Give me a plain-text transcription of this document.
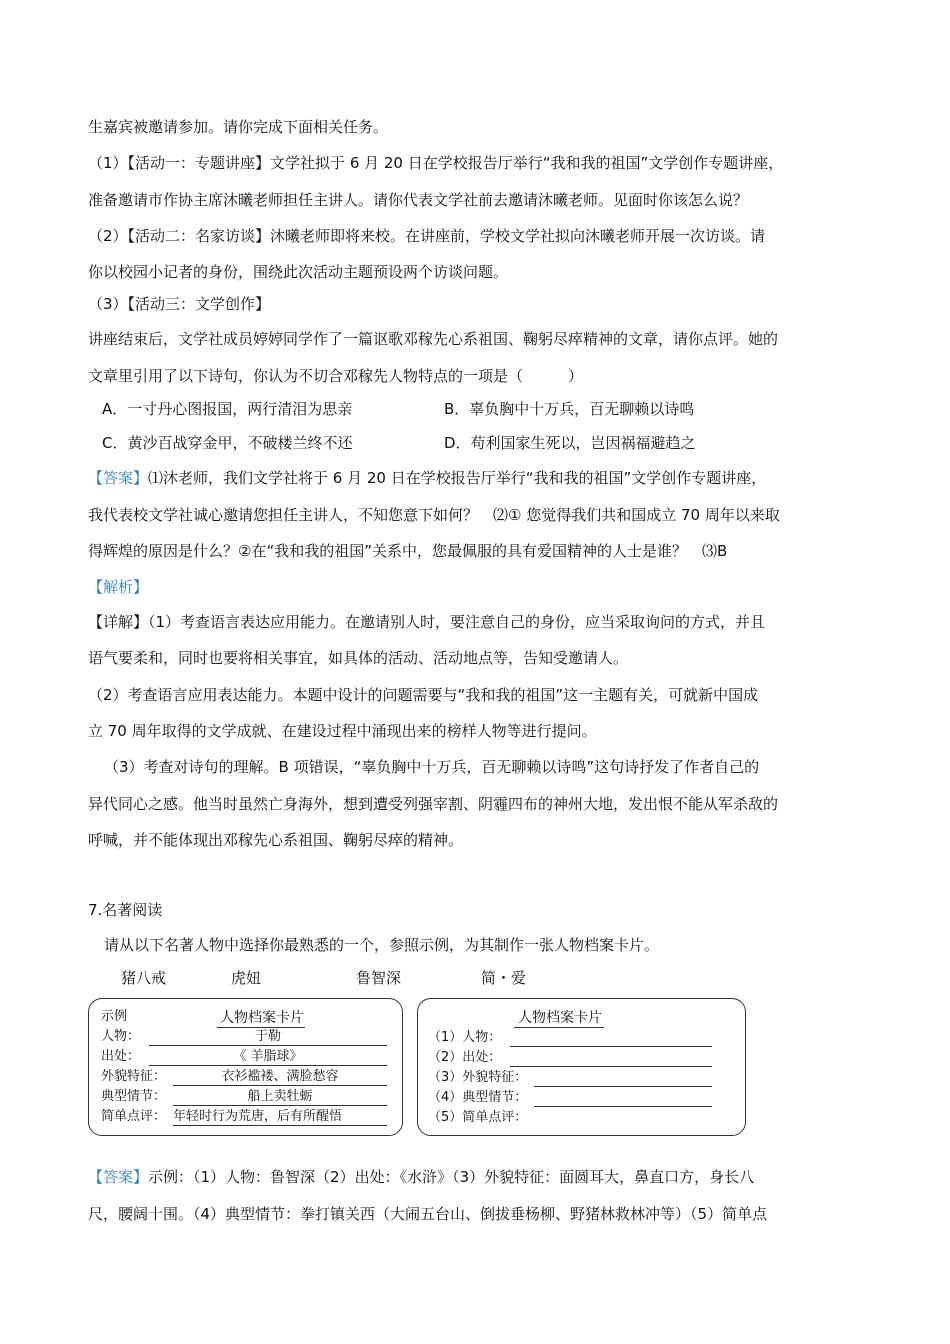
生嘉宾被邀请参加。请你完成下面相关任务。
（1）【活动一：专题讲座】文学社拟于 6 月 20 日在学校报告厅举行“我和我的祖国”文学创作专题讲座，
准备邀请市作协主席沐曦老师担任主讲人。请你代表文学社前去邀请沐曦老师。见面时你该怎么说？
（2）【活动二：名家访谈】沐曦老师即将来校。在讲座前，学校文学社拟向沐曦老师开展一次访谈。请
你以校园小记者的身份，围绕此次活动主题预设两个访谈问题。
（3）【活动三：文学创作】
讲座结束后，文学社成员婷婷同学作了一篇讴歌邓稼先心系祖国、鞠躬尽瘁精神的文章，请你点评。她的
文章里引用了以下诗句，你认为不切合邓稼先人物特点的一项是（　　　）
A．一寸丹心图报国，两行清泪为思亲	B．辜负胸中十万兵，百无聊赖以诗鸣
C．黄沙百战穿金甲，不破楼兰终不还	D．苟利国家生死以，岂因祸福避趋之
【答案】⑴沐老师，我们文学社将于 6 月 20 日在学校报告厅举行“我和我的祖国”文学创作专题讲座，
我代表校文学社诚心邀请您担任主讲人，不知您意下如何？　⑵① 您觉得我们共和国成立 70 周年以来取
得辉煌的原因是什么？②在“我和我的祖国”关系中，您最佩服的具有爱国精神的人士是谁？　⑶B
【解析】
【详解】（1）考查语言表达应用能力。在邀请别人时，要注意自己的身份，应当采取询问的方式，并且
语气要柔和，同时也要将相关事宜，如具体的活动、活动地点等，告知受邀请人。
（2）考查语言应用表达能力。本题中设计的问题需要与“我和我的祖国”这一主题有关，可就新中国成
立 70 周年取得的文学成就、在建设过程中涌现出来的榜样人物等进行提问。
（3）考查对诗句的理解。B 项错误，“辜负胸中十万兵，百无聊赖以诗鸣”这句诗抒发了作者自己的
异代同心之感。他当时虽然亡身海外，想到遭受列强宰割、阴霾四布的神州大地，发出恨不能从军杀敌的
呼喊，并不能体现出邓稼先心系祖国、鞠躬尽瘁的精神。
7.名著阅读
请从以下名著人物中选择你最熟悉的一个，参照示例，为其制作一张人物档案卡片。
猪八戒	虎妞	鲁智深	简・爱
示例	人物档案卡片
人物：	于勒
出处：	《 羊脂球》
外貌特征：	衣衫褴褛、满脸愁容
典型情节：	船上卖牡蛎
简单点评： 年轻时行为荒唐，后有所醒悟
人物档案卡片
（1）人物：
（2）出处：
（3）外貌特征：
（4）典型情节：
（5）简单点评：
【答案】示例：（1）人物：鲁智深（2）出处：《水浒》（3）外貌特征：面圆耳大，鼻直口方，身长八
尺，腰阔十围。（4）典型情节：拳打镇关西（大闹五台山、倒拔垂杨柳、野猪林救林冲等）（5）简单点
